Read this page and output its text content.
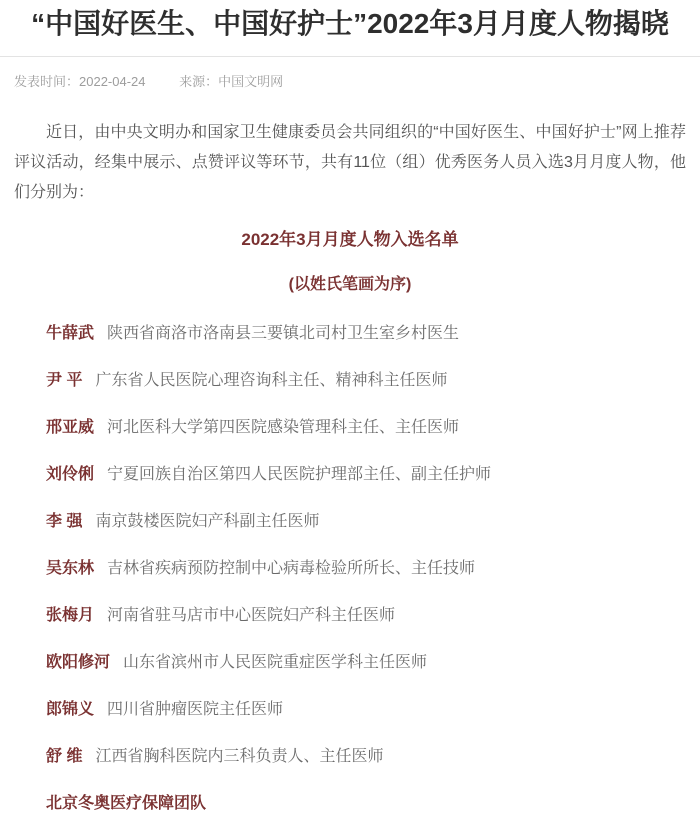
“中国好医生、中国好护士”2022年3月月度人物揭晓
发表时间：2022-04-24	来源：中国文明网

近日，由中央文明办和国家卫生健康委员会共同组织的“中国好医生、中国好护士”网上推荐评议活动，经集中展示、点赞评议等环节，共有11位（组）优秀医务人员入选3月月度人物，他们分别为：

2022年3月月度人物入选名单

(以姓氏笔画为序)

牛薛武 陕西省商洛市洛南县三要镇北司村卫生室乡村医生

尹 平 广东省人民医院心理咨询科主任、精神科主任医师

邢亚威 河北医科大学第四医院感染管理科主任、主任医师

刘伶俐 宁夏回族自治区第四人民医院护理部主任、副主任护师

李 强 南京鼓楼医院妇产科副主任医师

吴东林 吉林省疾病预防控制中心病毒检验所所长、主任技师

张梅月 河南省驻马店市中心医院妇产科主任医师

欧阳修河 山东省滨州市人民医院重症医学科主任医师

郎锦义 四川省肿瘤医院主任医师

舒 维 江西省胸科医院内三科负责人、主任医师

北京冬奥医疗保障团队
